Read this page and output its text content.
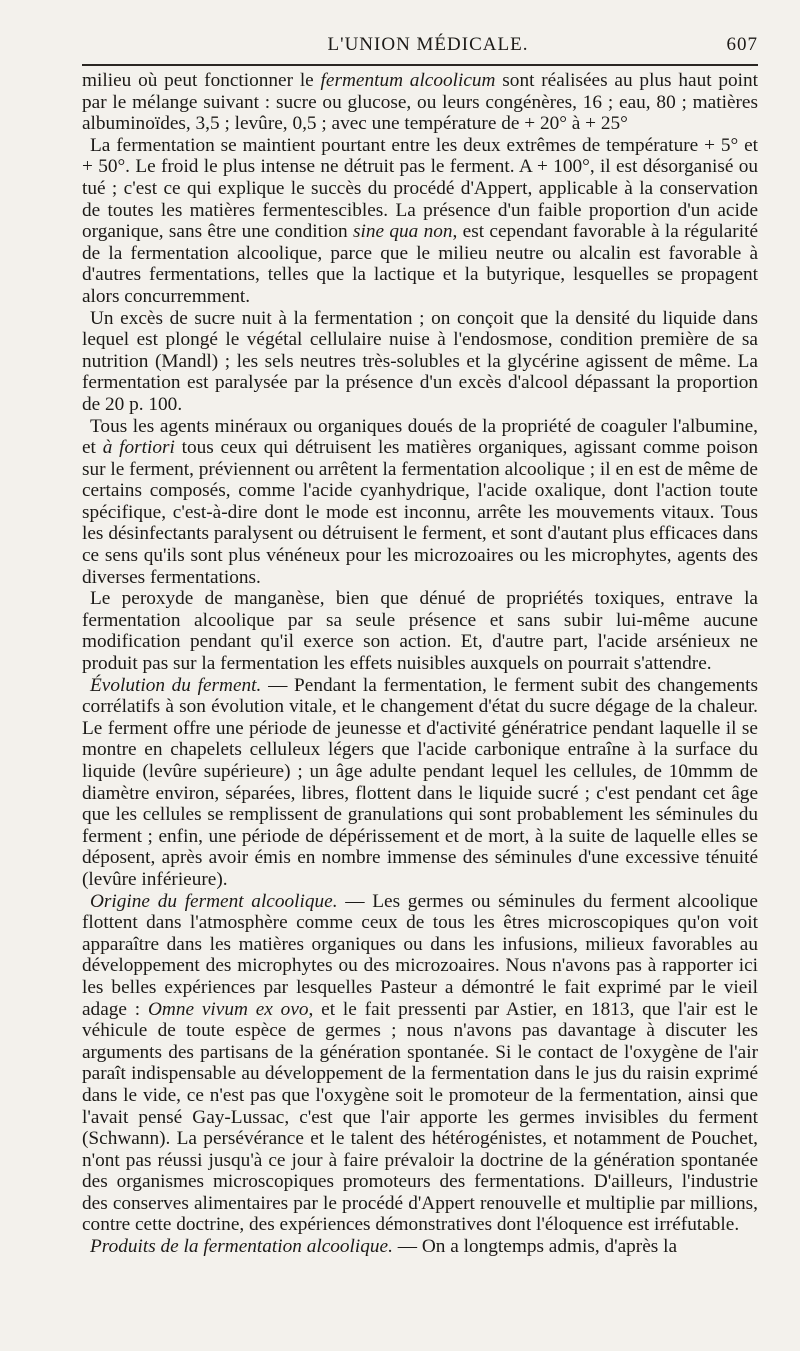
L'UNION MÉDICALE.	607

milieu où peut fonctionner le fermentum alcoolicum sont réalisées au plus haut point par le mélange suivant : sucre ou glucose, ou leurs congénères, 16 ; eau, 80 ; matières albuminoïdes, 3,5 ; levûre, 0,5 ; avec une température de + 20° à + 25°

La fermentation se maintient pourtant entre les deux extrêmes de température + 5° et + 50°. Le froid le plus intense ne détruit pas le ferment. A + 100°, il est désorganisé ou tué ; c'est ce qui explique le succès du procédé d'Appert, applicable à la conservation de toutes les matières fermentescibles. La présence d'un faible proportion d'un acide organique, sans être une condition sine qua non, est cependant favorable à la régularité de la fermentation alcoolique, parce que le milieu neutre ou alcalin est favorable à d'autres fermentations, telles que la lactique et la butyrique, lesquelles se propagent alors concurremment.

Un excès de sucre nuit à la fermentation ; on conçoit que la densité du liquide dans lequel est plongé le végétal cellulaire nuise à l'endosmose, condition première de sa nutrition (Mandl) ; les sels neutres très-solubles et la glycérine agissent de même. La fermentation est paralysée par la présence d'un excès d'alcool dépassant la proportion de 20 p. 100.

Tous les agents minéraux ou organiques doués de la propriété de coaguler l'albumine, et à fortiori tous ceux qui détruisent les matières organiques, agissant comme poison sur le ferment, préviennent ou arrêtent la fermentation alcoolique ; il en est de même de certains composés, comme l'acide cyanhydrique, l'acide oxalique, dont l'action toute spécifique, c'est-à-dire dont le mode est inconnu, arrête les mouvements vitaux. Tous les désinfectants paralysent ou détruisent le ferment, et sont d'autant plus efficaces dans ce sens qu'ils sont plus vénéneux pour les microzoaires ou les microphytes, agents des diverses fermentations.

Le peroxyde de manganèse, bien que dénué de propriétés toxiques, entrave la fermentation alcoolique par sa seule présence et sans subir lui-même aucune modification pendant qu'il exerce son action. Et, d'autre part, l'acide arsénieux ne produit pas sur la fermentation les effets nuisibles auxquels on pourrait s'attendre.

Évolution du ferment. — Pendant la fermentation, le ferment subit des changements corrélatifs à son évolution vitale, et le changement d'état du sucre dégage de la chaleur. Le ferment offre une période de jeunesse et d'activité génératrice pendant laquelle il se montre en chapelets celluleux légers que l'acide carbonique entraîne à la surface du liquide (levûre supérieure) ; un âge adulte pendant lequel les cellules, de 10mmm de diamètre environ, séparées, libres, flottent dans le liquide sucré ; c'est pendant cet âge que les cellules se remplissent de granulations qui sont probablement les séminules du ferment ; enfin, une période de dépérissement et de mort, à la suite de laquelle elles se déposent, après avoir émis en nombre immense des séminules d'une excessive ténuité (levûre inférieure).

Origine du ferment alcoolique. — Les germes ou séminules du ferment alcoolique flottent dans l'atmosphère comme ceux de tous les êtres microscopiques qu'on voit apparaître dans les matières organiques ou dans les infusions, milieux favorables au développement des microphytes ou des microzoaires. Nous n'avons pas à rapporter ici les belles expériences par lesquelles Pasteur a démontré le fait exprimé par le vieil adage : Omne vivum ex ovo, et le fait pressenti par Astier, en 1813, que l'air est le véhicule de toute espèce de germes ; nous n'avons pas davantage à discuter les arguments des partisans de la génération spontanée. Si le contact de l'oxygène de l'air paraît indispensable au développement de la fermentation dans le jus du raisin exprimé dans le vide, ce n'est pas que l'oxygène soit le promoteur de la fermentation, ainsi que l'avait pensé Gay-Lussac, c'est que l'air apporte les germes invisibles du ferment (Schwann). La persévérance et le talent des hétérogénistes, et notamment de Pouchet, n'ont pas réussi jusqu'à ce jour à faire prévaloir la doctrine de la génération spontanée des organismes microscopiques promoteurs des fermentations. D'ailleurs, l'industrie des conserves alimentaires par le procédé d'Appert renouvelle et multiplie par millions, contre cette doctrine, des expériences démonstratives dont l'éloquence est irréfutable.

Produits de la fermentation alcoolique. — On a longtemps admis, d'après la
